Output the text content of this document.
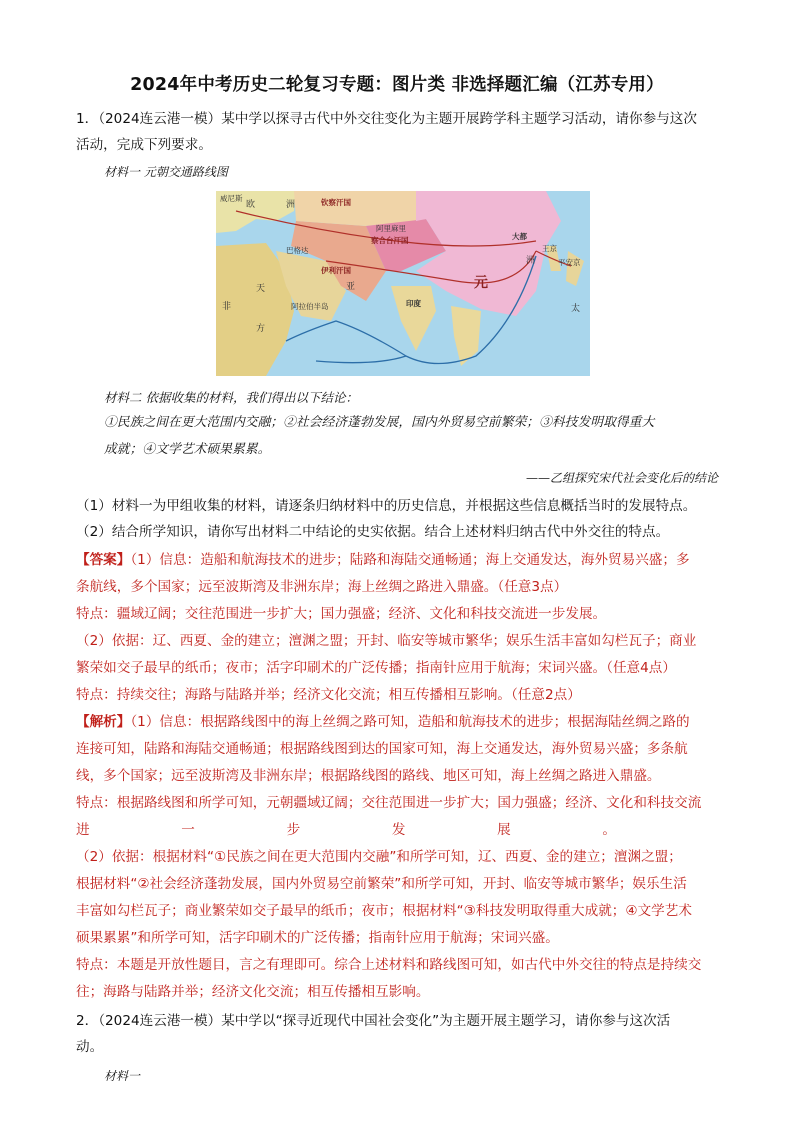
2024年中考历史二轮复习专题：图片类 非选择题汇编（江苏专用）

1．（2024连云港一模）某中学以探寻古代中外交往变化为主题开展跨学科主题学习活动，请你参与这次

活动，完成下列要求。

材料一 元朝交通路线图
威尼斯
欧	洲	钦察汗国
阿里麻里
察合台汗国	大都
王京
平安京
洲
巴格达
伊利汗国
亚	元
非
天
方
阿拉伯半岛	印度
太
材料二 依据收集的材料，我们得出以下结论：
①民族之间在更大范围内交融；②社会经济蓬勃发展，国内外贸易空前繁荣；③科技发明取得重大
成就；④文学艺术硕果累累。
——乙组探究宋代社会变化后的结论

（1）材料一为甲组收集的材料，请逐条归纳材料中的历史信息，并根据这些信息概括当时的发展特点。

（2）结合所学知识，请你写出材料二中结论的史实依据。结合上述材料归纳古代中外交往的特点。

【答案】（1）信息：造船和航海技术的进步；陆路和海陆交通畅通；海上交通发达，海外贸易兴盛；多

条航线，多个国家；远至波斯湾及非洲东岸；海上丝绸之路进入鼎盛。（任意3点）

特点：疆域辽阔；交往范围进一步扩大；国力强盛；经济、文化和科技交流进一步发展。

（2）依据：辽、西夏、金的建立；澶渊之盟；开封、临安等城市繁华；娱乐生活丰富如勾栏瓦子；商业

繁荣如交子最早的纸币；夜市；活字印刷术的广泛传播；指南针应用于航海；宋词兴盛。（任意4点）

特点：持续交往；海路与陆路并举；经济文化交流；相互传播相互影响。（任意2点）

【解析】（1）信息：根据路线图中的海上丝绸之路可知，造船和航海技术的进步；根据海陆丝绸之路的

连接可知，陆路和海陆交通畅通；根据路线图到达的国家可知，海上交通发达，海外贸易兴盛；多条航

线，多个国家；远至波斯湾及非洲东岸；根据路线图的路线、地区可知，海上丝绸之路进入鼎盛。

特点：根据路线图和所学可知，元朝疆域辽阔；交往范围进一步扩大；国力强盛；经济、文化和科技交流

进	一	步	发	展	。

（2）依据：根据材料“①民族之间在更大范围内交融”和所学可知，辽、西夏、金的建立；澶渊之盟；

根据材料“②社会经济蓬勃发展，国内外贸易空前繁荣”和所学可知，开封、临安等城市繁华；娱乐生活

丰富如勾栏瓦子；商业繁荣如交子最早的纸币；夜市；根据材料“③科技发明取得重大成就；④文学艺术

硕果累累”和所学可知，活字印刷术的广泛传播；指南针应用于航海；宋词兴盛。

特点：本题是开放性题目，言之有理即可。综合上述材料和路线图可知，如古代中外交往的特点是持续交

往；海路与陆路并举；经济文化交流；相互传播相互影响。

2．（2024连云港一模）某中学以“探寻近现代中国社会变化”为主题开展主题学习，请你参与这次活

动。

材料一
